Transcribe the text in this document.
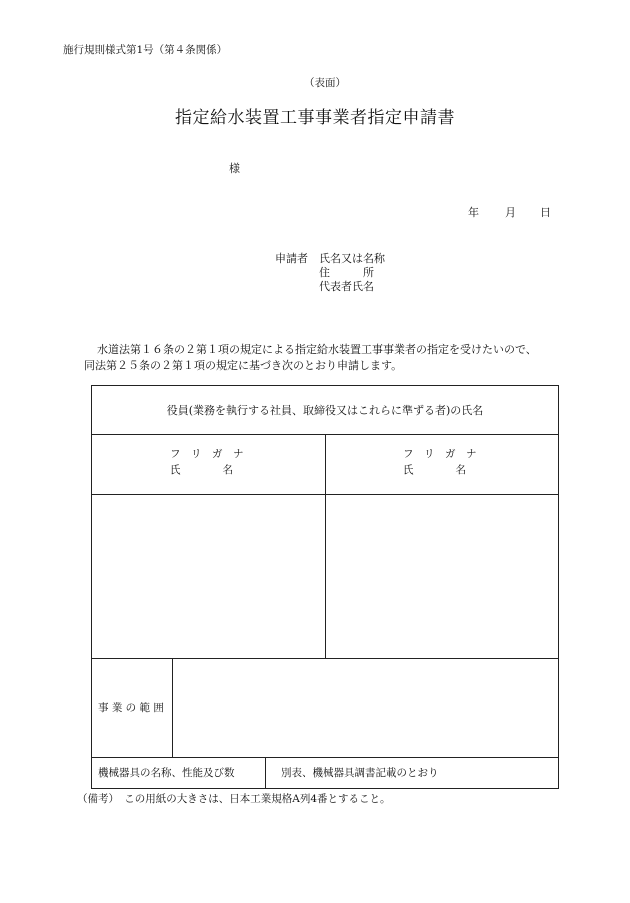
施行規則様式第1号（第４条関係）
（表面）
指定給水装置工事事業者指定申請書
様
年 月 日
申請者 氏名又は名称
住　　　所
代表者氏名
水道法第１６条の２第１項の規定による指定給水装置工事事業者の指定を受けたいので、
同法第２５条の２第１項の規定に基づき次のとおり申請します。
役員(業務を執行する社員、取締役又はこれらに準ずる者)の氏名
フ　リ　ガ　ナ
氏　　　　名
フ　リ　ガ　ナ
氏　　　　名
事 業 の 範 囲
機械器具の名称、性能及び数	別表、機械器具調書記載のとおり
（備考）　この用紙の大きさは、日本工業規格A列4番とすること。
